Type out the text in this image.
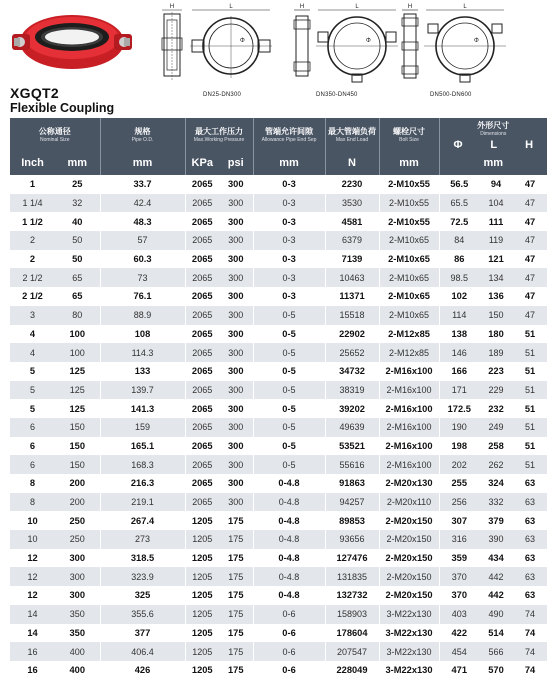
XGQT2
Flexible Coupling
H	L
Φ
DN25-DN300
H	L
Φ
DN350-DN450
H	L
Φ
DN500-DN600
公称通径
Nominal Size		规格
Pipe O.D.	最大工作压力
Max.Working Pressure		管端允许间隙
Allowance Pipe End Sep	最大管端负荷
Max End Load	螺栓尺寸
Bolt Size	外形尺寸
Dimensions
Φ L H		

Inch	mm	mm	KPa	psi	mm	N	mm	mm		
1	25	33.7	2065	300	0-3	2230	2-M10x55	56.5	94	47
1 1/4	32	42.4	2065	300	0-3	3530	2-M10x55	65.5	104	47
1 1/2	40	48.3	2065	300	0-3	4581	2-M10x55	72.5	111	47
2	50	57	2065	300	0-3	6379	2-M10x65	84	119	47
2	50	60.3	2065	300	0-3	7139	2-M10x65	86	121	47
2 1/2	65	73	2065	300	0-3	10463	2-M10x65	98.5	134	47
2 1/2	65	76.1	2065	300	0-3	11371	2-M10x65	102	136	47
3	80	88.9	2065	300	0-5	15518	2-M10x65	114	150	47
4	100	108	2065	300	0-5	22902	2-M12x85	138	180	51
4	100	114.3	2065	300	0-5	25652	2-M12x85	146	189	51
5	125	133	2065	300	0-5	34732	2-M16x100	166	223	51
5	125	139.7	2065	300	0-5	38319	2-M16x100	171	229	51
5	125	141.3	2065	300	0-5	39202	2-M16x100	172.5	232	51
6	150	159	2065	300	0-5	49639	2-M16x100	190	249	51
6	150	165.1	2065	300	0-5	53521	2-M16x100	198	258	51
6	150	168.3	2065	300	0-5	55616	2-M16x100	202	262	51
8	200	216.3	2065	300	0-4.8	91863	2-M20x130	255	324	63
8	200	219.1	2065	300	0-4.8	94257	2-M20x110	256	332	63
10	250	267.4	1205	175	0-4.8	89853	2-M20x150	307	379	63
10	250	273	1205	175	0-4.8	93656	2-M20x150	316	390	63
12	300	318.5	1205	175	0-4.8	127476	2-M20x150	359	434	63
12	300	323.9	1205	175	0-4.8	131835	2-M20x150	370	442	63
12	300	325	1205	175	0-4.8	132732	2-M20x150	370	442	63
14	350	355.6	1205	175	0-6	158903	3-M22x130	403	490	74
14	350	377	1205	175	0-6	178604	3-M22x130	422	514	74
16	400	406.4	1205	175	0-6	207547	3-M22x130	454	566	74
16	400	426	1205	175	0-6	228049	3-M22x130	471	570	74
